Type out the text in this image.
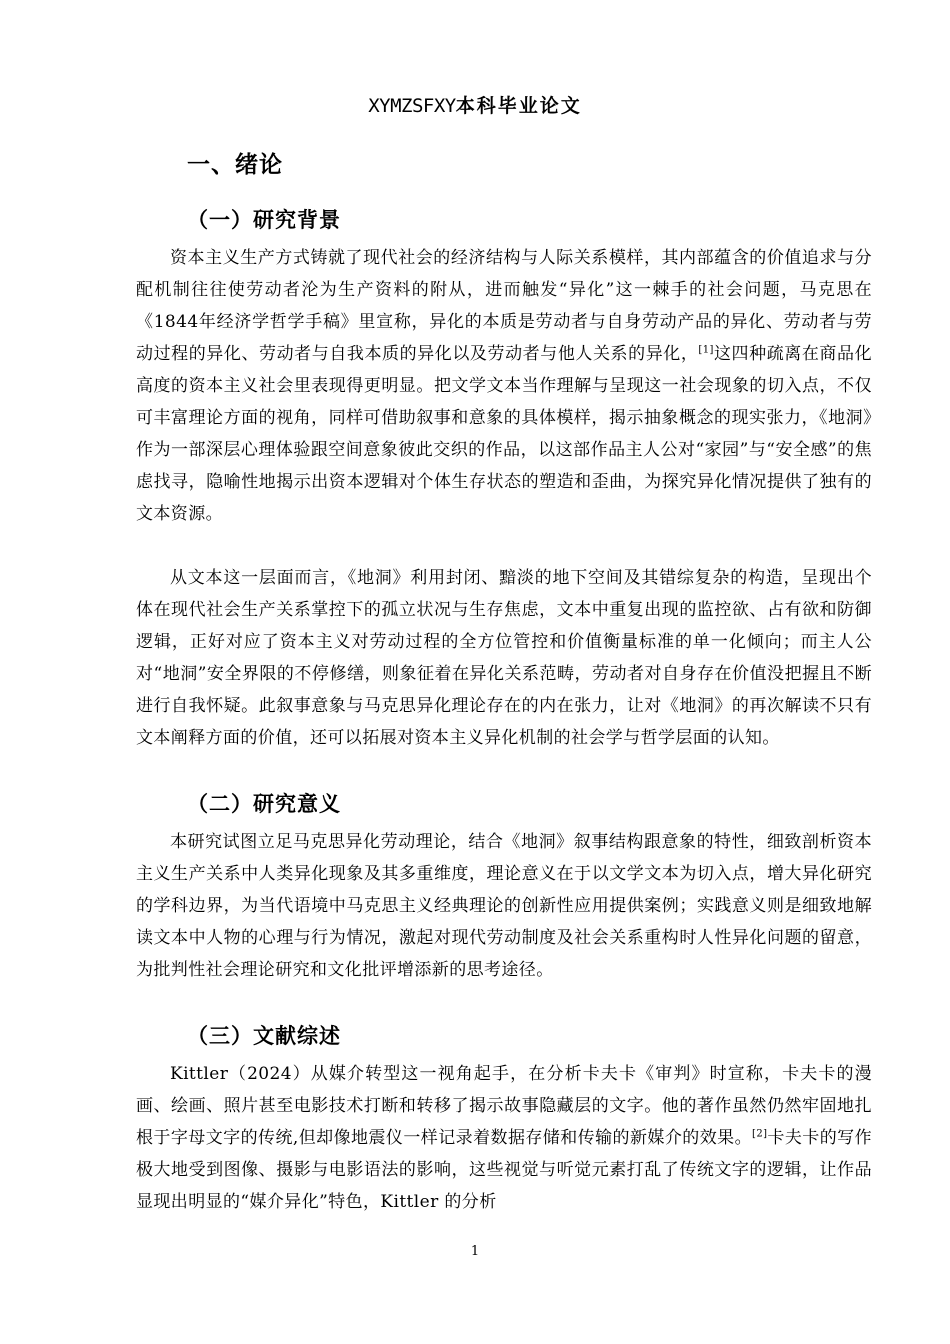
XYMZSFXY本科毕业论文
一、绪论
（一）研究背景

资本主义生产方式铸就了现代社会的经济结构与人际关系模样，其内部蕴含的价值追求与分配机制往往使劳动者沦为生产资料的附从，进而触发“异化”这一棘手的社会问题，马克思在《1844年经济学哲学手稿》里宣称，异化的本质是劳动者与自身劳动产品的异化、劳动者与劳动过程的异化、劳动者与自我本质的异化以及劳动者与他人关系的异化，[1]这四种疏离在商品化高度的资本主义社会里表现得更明显。把文学文本当作理解与呈现这一社会现象的切入点，不仅可丰富理论方面的视角，同样可借助叙事和意象的具体模样，揭示抽象概念的现实张力，《地洞》作为一部深层心理体验跟空间意象彼此交织的作品，以这部作品主人公对“家园”与“安全感”的焦虑找寻，隐喻性地揭示出资本逻辑对个体生存状态的塑造和歪曲，为探究异化情况提供了独有的文本资源。

从文本这一层面而言，《地洞》利用封闭、黯淡的地下空间及其错综复杂的构造，呈现出个体在现代社会生产关系掌控下的孤立状况与生存焦虑，文本中重复出现的监控欲、占有欲和防御逻辑，正好对应了资本主义对劳动过程的全方位管控和价值衡量标准的单一化倾向；而主人公对“地洞”安全界限的不停修缮，则象征着在异化关系范畴，劳动者对自身存在价值没把握且不断进行自我怀疑。此叙事意象与马克思异化理论存在的内在张力，让对《地洞》的再次解读不只有文本阐释方面的价值，还可以拓展对资本主义异化机制的社会学与哲学层面的认知。

（二）研究意义

本研究试图立足马克思异化劳动理论，结合《地洞》叙事结构跟意象的特性，细致剖析资本主义生产关系中人类异化现象及其多重维度，理论意义在于以文学文本为切入点，增大异化研究的学科边界，为当代语境中马克思主义经典理论的创新性应用提供案例；实践意义则是细致地解读文本中人物的心理与行为情况，激起对现代劳动制度及社会关系重构时人性异化问题的留意，为批判性社会理论研究和文化批评增添新的思考途径。

（三）文献综述

Kittler（2024）从媒介转型这一视角起手，在分析卡夫卡《审判》时宣称，卡夫卡的漫画、绘画、照片甚至电影技术打断和转移了揭示故事隐藏层的文字。他的著作虽然仍然牢固地扎根于字母文字的传统,但却像地震仪一样记录着数据存储和传输的新媒介的效果。[2]卡夫卡的写作极大地受到图像、摄影与电影语法的影响，这些视觉与听觉元素打乱了传统文字的逻辑，让作品显现出明显的“媒介异化”特色，Kittler 的分析

1
